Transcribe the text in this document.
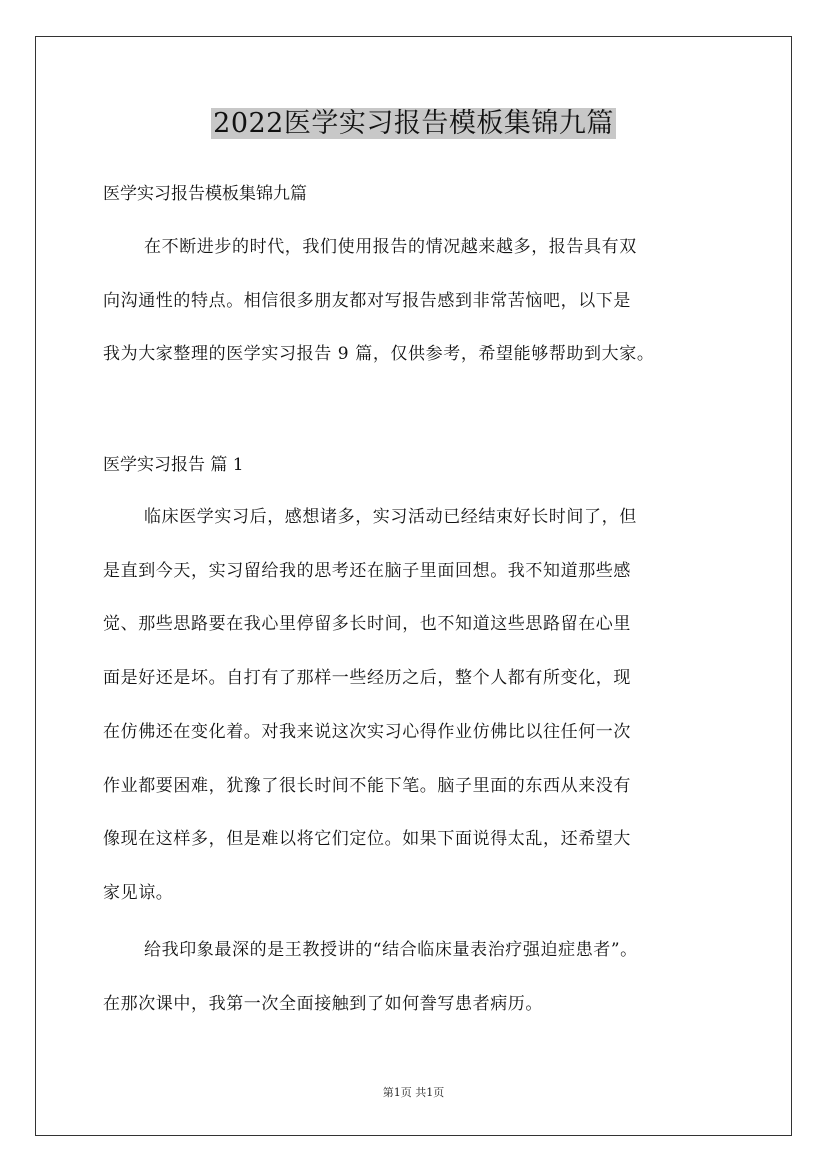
2022医学实习报告模板集锦九篇
医学实习报告模板集锦九篇

在不断进步的时代，我们使用报告的情况越来越多，报告具有双
向沟通性的特点。相信很多朋友都对写报告感到非常苦恼吧，以下是
我为大家整理的医学实习报告 9 篇，仅供参考，希望能够帮助到大家。

医学实习报告 篇 1

临床医学实习后，感想诸多，实习活动已经结束好长时间了，但
是直到今天，实习留给我的思考还在脑子里面回想。我不知道那些感
觉、那些思路要在我心里停留多长时间，也不知道这些思路留在心里
面是好还是坏。自打有了那样一些经历之后，整个人都有所变化，现
在仿佛还在变化着。对我来说这次实习心得作业仿佛比以往任何一次
作业都要困难，犹豫了很长时间不能下笔。脑子里面的东西从来没有
像现在这样多，但是难以将它们定位。如果下面说得太乱，还希望大
家见谅。

给我印象最深的是王教授讲的“结合临床量表治疗强迫症患者”。
在那次课中，我第一次全面接触到了如何誊写患者病历。

第1页 共1页
